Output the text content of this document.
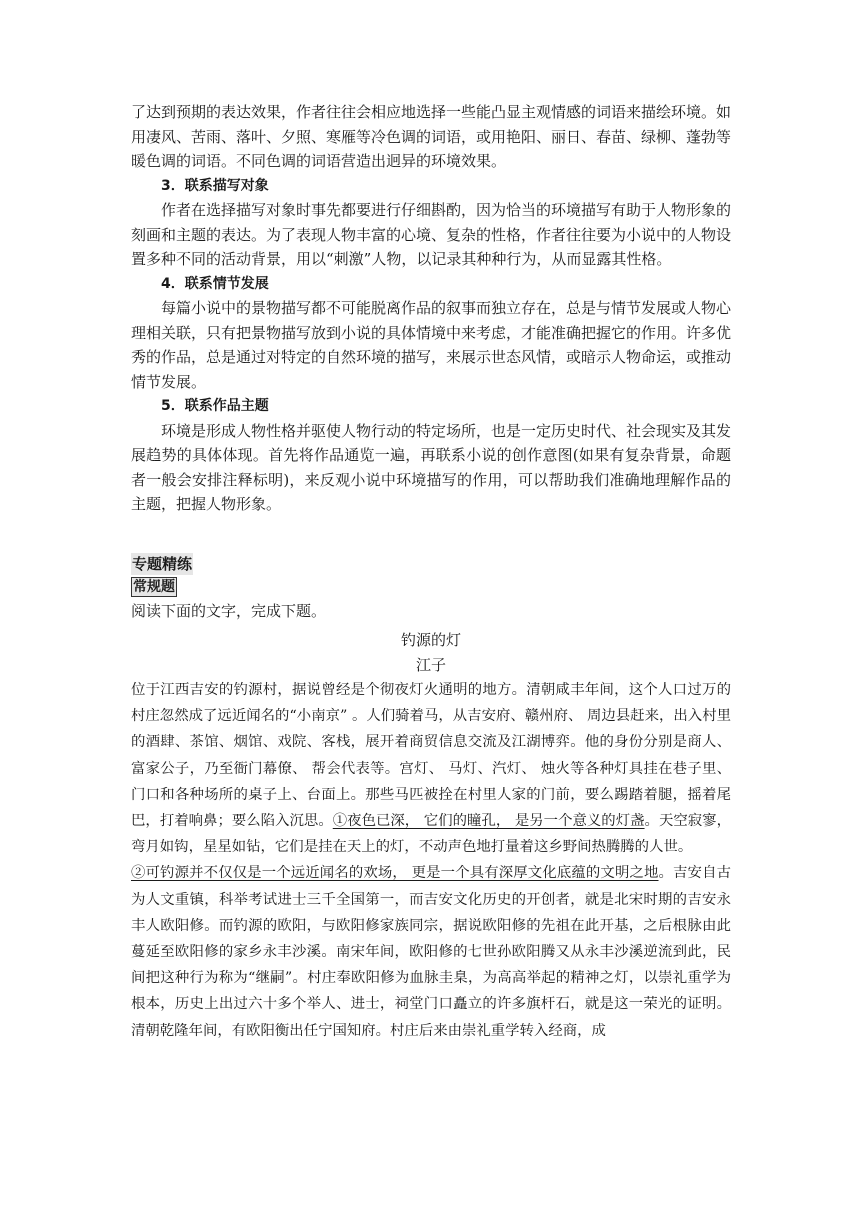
了达到预期的表达效果，作者往往会相应地选择一些能凸显主观情感的词语来描绘环境。如用凄风、苦雨、落叶、夕照、寒雁等冷色调的词语，或用艳阳、丽日、春苗、绿柳、蓬勃等暖色调的词语。不同色调的词语营造出迥异的环境效果。

3．联系描写对象

作者在选择描写对象时事先都要进行仔细斟酌，因为恰当的环境描写有助于人物形象的刻画和主题的表达。为了表现人物丰富的心境、复杂的性格，作者往往要为小说中的人物设置多种不同的活动背景，用以“刺激”人物，以记录其种种行为，从而显露其性格。

4．联系情节发展

每篇小说中的景物描写都不可能脱离作品的叙事而独立存在，总是与情节发展或人物心理相关联，只有把景物描写放到小说的具体情境中来考虑，才能准确把握它的作用。许多优秀的作品，总是通过对特定的自然环境的描写，来展示世态风情，或暗示人物命运，或推动情节发展。

5．联系作品主题

环境是形成人物性格并驱使人物行动的特定场所，也是一定历史时代、社会现实及其发展趋势的具体体现。首先将作品通览一遍，再联系小说的创作意图(如果有复杂背景，命题者一般会安排注释标明)，来反观小说中环境描写的作用，可以帮助我们准确地理解作品的主题，把握人物形象。

专题精练
常规题

阅读下面的文字，完成下题。

钓源的灯

江子

位于江西吉安的钓源村，据说曾经是个彻夜灯火通明的地方。清朝咸丰年间，这个人口过万的村庄忽然成了远近闻名的“小南京” 。人们骑着马，从吉安府、赣州府、 周边县赶来，出入村里的酒肆、茶馆、烟馆、戏院、客栈，展开着商贸信息交流及江湖博弈。他的身份分别是商人、富家公子，乃至衙门幕僚、 帮会代表等。宫灯、 马灯、汽灯、 烛火等各种灯具挂在巷子里、 门口和各种场所的桌子上、台面上。那些马匹被拴在村里人家的门前，要么踢踏着腿，摇着尾巴，打着响鼻；要么陷入沉思。①夜色已深， 它们的瞳孔， 是另一个意义的灯盏。天空寂寥，弯月如钩，星星如钻，它们是挂在天上的灯，不动声色地打量着这乡野间热腾腾的人世。

②可钓源并不仅仅是一个远近闻名的欢场， 更是一个具有深厚文化底蕴的文明之地。吉安自古为人文重镇，科举考试进士三千全国第一，而吉安文化历史的开创者，就是北宋时期的吉安永丰人欧阳修。而钓源的欧阳，与欧阳修家族同宗，据说欧阳修的先祖在此开基，之后根脉由此蔓延至欧阳修的家乡永丰沙溪。南宋年间，欧阳修的七世孙欧阳腾又从永丰沙溪逆流到此，民间把这种行为称为“继嗣”。村庄奉欧阳修为血脉圭臬，为高高举起的精神之灯，以崇礼重学为根本，历史上出过六十多个举人、进士，祠堂门口矗立的许多旗杆石，就是这一荣光的证明。清朝乾隆年间，有欧阳衡出任宁国知府。村庄后来由崇礼重学转入经商，成
